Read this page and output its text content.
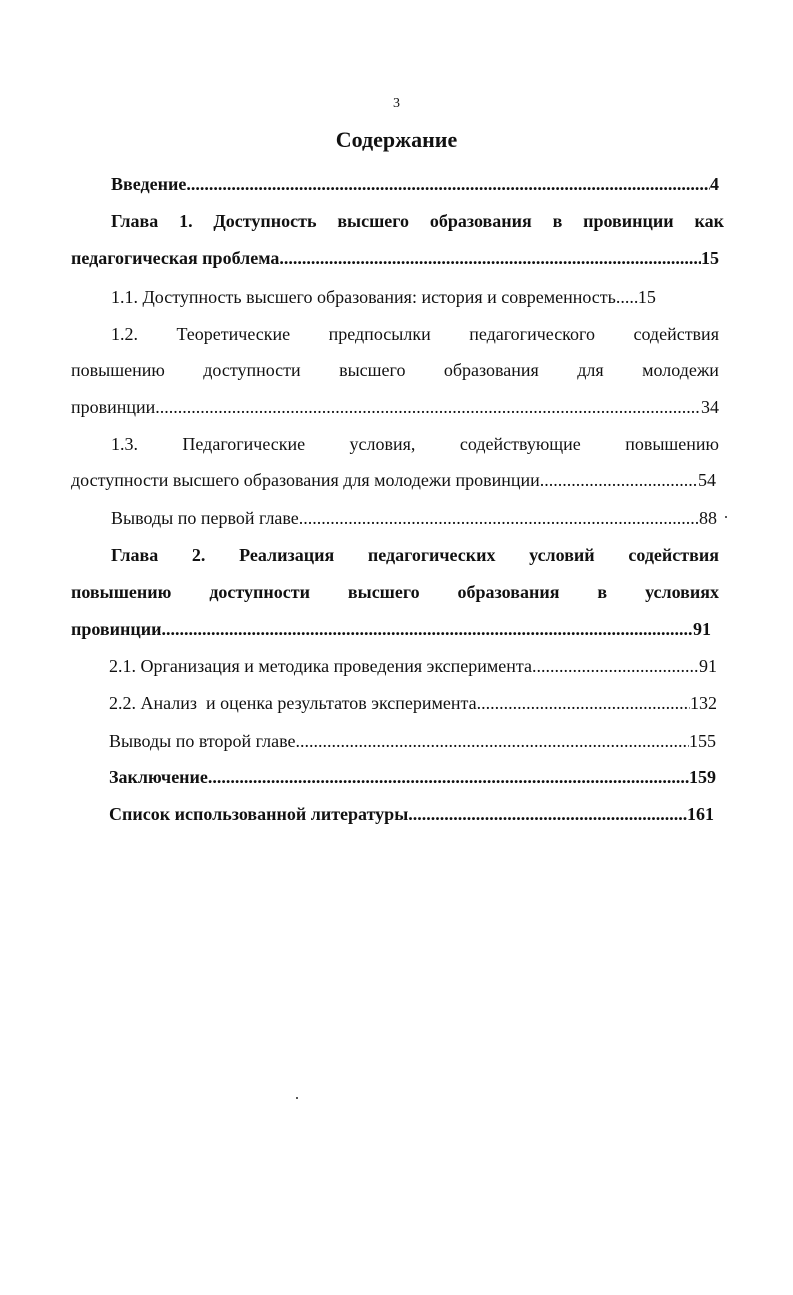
3
Содержание
Введение .....	4
Глава 1. Доступность высшего образования в провинции как
педагогическая проблема .....	15
1.1. Доступность высшего образования: история и современность ..... 15
1.2. Теоретические предпосылки педагогического содействия
повышению доступности высшего образования для молодежи
провинции .....	34
1.3. Педагогические условия, содействующие повышению
доступности высшего образования для молодежи провинции .....	54
Выводы по первой главе .....	88
Глава 2. Реализация педагогических условий содействия
повышению доступности высшего образования в условиях
провинции .....	91
2.1. Организация и методика проведения эксперимента .....	91
2.2. Анализ  и оценка результатов эксперимента .....	132
Выводы по второй главе .....	155
Заключение .....	159
Список использованной литературы .....	161
